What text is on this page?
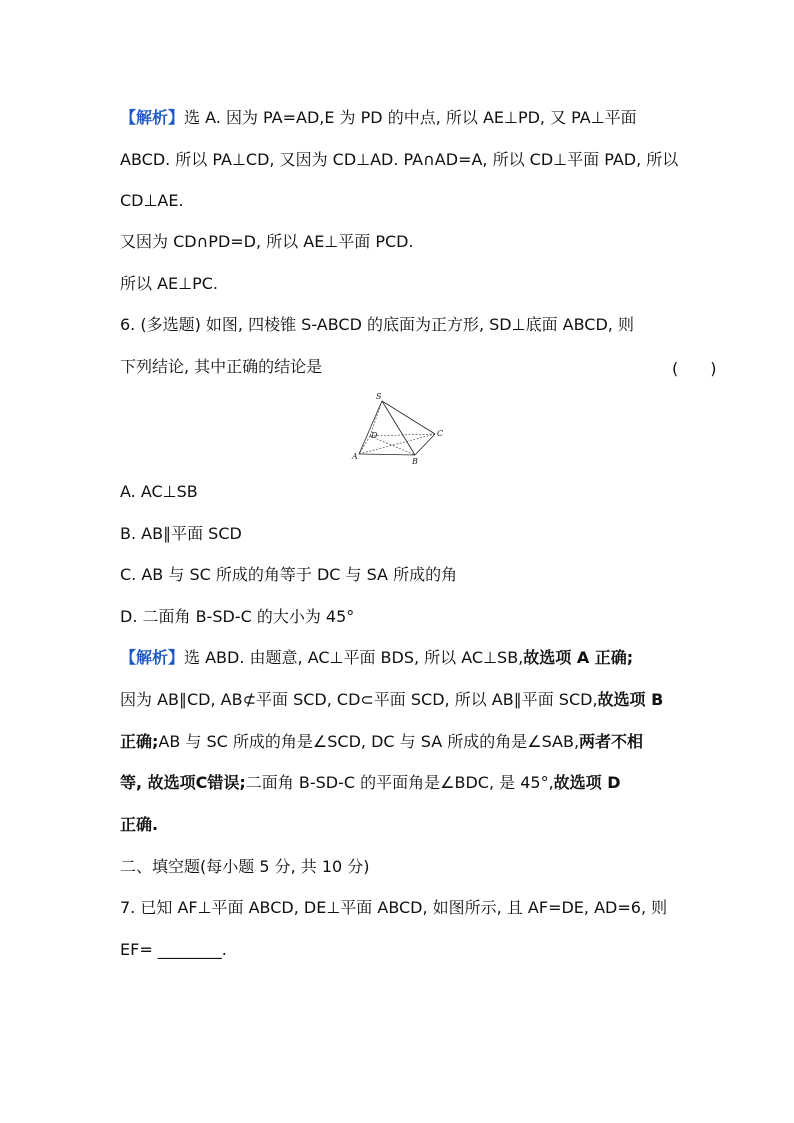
【解析】选 A. 因为 PA=AD,E 为 PD 的中点, 所以 AE⊥PD, 又 PA⊥平面
ABCD. 所以 PA⊥CD, 又因为 CD⊥AD. PA∩AD=A, 所以 CD⊥平面 PAD, 所以
CD⊥AE.
又因为 CD∩PD=D, 所以 AE⊥平面 PCD.
所以 AE⊥PC.
6. (多选题) 如图, 四棱锥 S-ABCD 的底面为正方形, SD⊥底面 ABCD, 则
下列结论, 其中正确的结论是	(　　)
S
D	C
A
B
A. AC⊥SB
B. AB∥平面 SCD
C. AB 与 SC 所成的角等于 DC 与 SA 所成的角
D. 二面角 B-SD-C 的大小为 45°
【解析】选 ABD. 由题意, AC⊥平面 BDS, 所以 AC⊥SB,故选项 A 正确;
因为 AB∥CD, AB⊄平面 SCD, CD⊂平面 SCD, 所以 AB∥平面 SCD,故选项 B
正确;AB 与 SC 所成的角是∠SCD, DC 与 SA 所成的角是∠SAB,两者不相
等, 故选项C错误;二面角 B-SD-C 的平面角是∠BDC, 是 45°,故选项 D
正确.
二、填空题(每小题 5 分, 共 10 分)
7. 已知 AF⊥平面 ABCD, DE⊥平面 ABCD, 如图所示, 且 AF=DE, AD=6, 则
EF= ________.
